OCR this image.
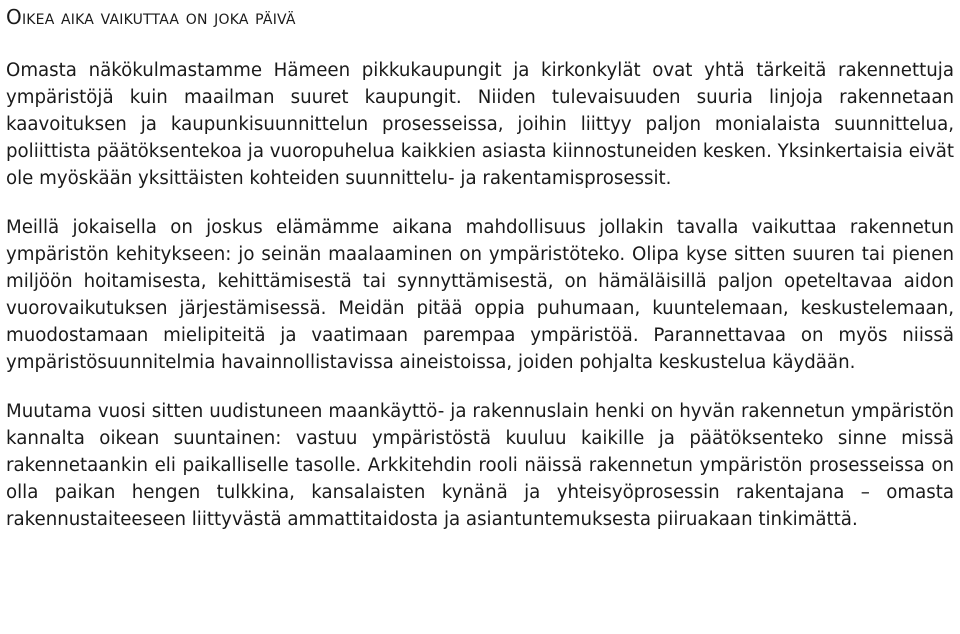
Oikea aika vaikuttaa on joka päivä

Omasta näkökulmastamme Hämeen pikkukaupungit ja kirkonkylät ovat yhtä tärkeitä rakennettuja ympäristöjä kuin maailman suuret kaupungit. Niiden tulevaisuuden suuria linjoja rakennetaan kaavoituksen ja kaupunkisuunnittelun prosesseissa, joihin liittyy paljon monialaista suunnittelua, poliittista päätöksentekoa ja vuoropuhelua kaikkien asiasta kiinnostuneiden kesken. Yksinkertaisia eivät ole myöskään yksittäisten kohteiden suunnittelu- ja rakentamisprosessit.

Meillä jokaisella on joskus elämämme aikana mahdollisuus jollakin tavalla vaikuttaa rakennetun ympäristön kehitykseen: jo seinän maalaaminen on ympäristöteko. Olipa kyse sitten suuren tai pienen miljöön hoitamisesta, kehittämisestä tai synnyttämisestä, on hämäläisillä paljon opeteltavaa aidon vuorovaikutuksen järjestämisessä. Meidän pitää oppia puhumaan, kuuntelemaan, keskustelemaan, muodostamaan mielipiteitä ja vaatimaan parempaa ympäristöä. Parannettavaa on myös niissä ympäristösuunnitelmia havainnollistavissa aineistoissa, joiden pohjalta keskustelua käydään.

Muutama vuosi sitten uudistuneen maankäyttö- ja rakennuslain henki on hyvän rakennetun ympäristön kannalta oikean suuntainen: vastuu ympäristöstä kuuluu kaikille ja päätöksenteko sinne missä rakennetaankin eli paikalliselle tasolle. Arkkitehdin rooli näissä rakennetun ympäristön prosesseissa on olla paikan hengen tulkkina, kansalaisten kynänä ja yhteisyöprosessin rakentajana – omasta rakennustaiteeseen liittyvästä ammattitaidosta ja asiantuntemuksesta piiruakaan tinkimättä.
